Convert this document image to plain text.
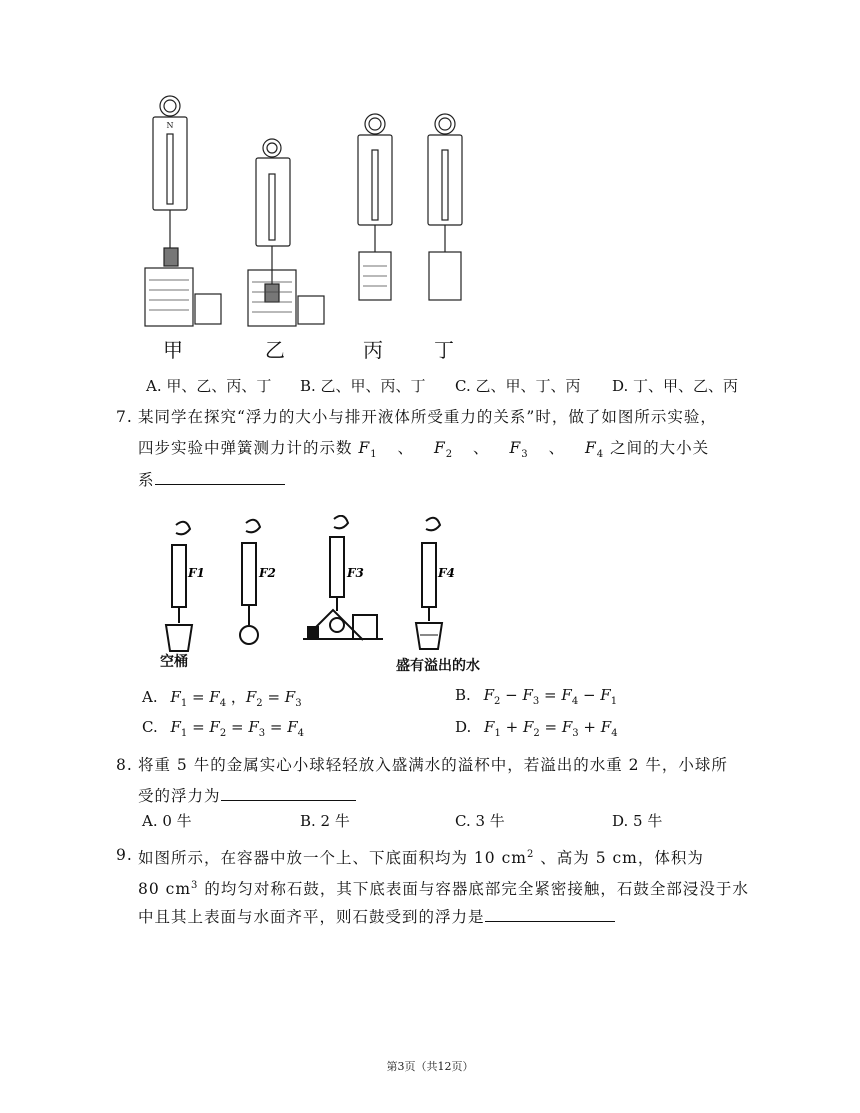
N
甲	乙	丙	丁
A. 甲、乙、丙、丁 B. 乙、甲、丙、丁 C. 乙、甲、丁、丙 D. 丁、甲、乙、丙
7. 某同学在探究“浮力的大小与排开液体所受重力的关系”时，做了如图所示实验，
四步实验中弹簧测力计的示数 $F_1$ 、 $F_2$ 、 $F_3$ 、 $F_4$ 之间的大小关
系
F1	F2	F3	F4
空桶	盛有溢出的水
A. $F_1 = F_4$ ，$F_2 = F_3$	B. $F_2 - F_3 = F_4 - F_1$
C. $F_1 = F_2 = F_3 = F_4$	D. $F_1 + F_2 = F_3 + F_4$
8. 将重 5 牛的金属实心小球轻轻放入盛满水的溢杯中，若溢出的水重 2 牛，小球所
受的浮力为
A. 0 牛	B. 2 牛	C. 3 牛	D. 5 牛
9. 如图所示，在容器中放一个上、下底面积均为 10 $cm^2$ 、高为 5 cm，体积为
80 $cm^3$ 的均匀对称石鼓，其下底表面与容器底部完全紧密接触，石鼓全部浸没于水
中且其上表面与水面齐平，则石鼓受到的浮力是
第3页（共12页）
